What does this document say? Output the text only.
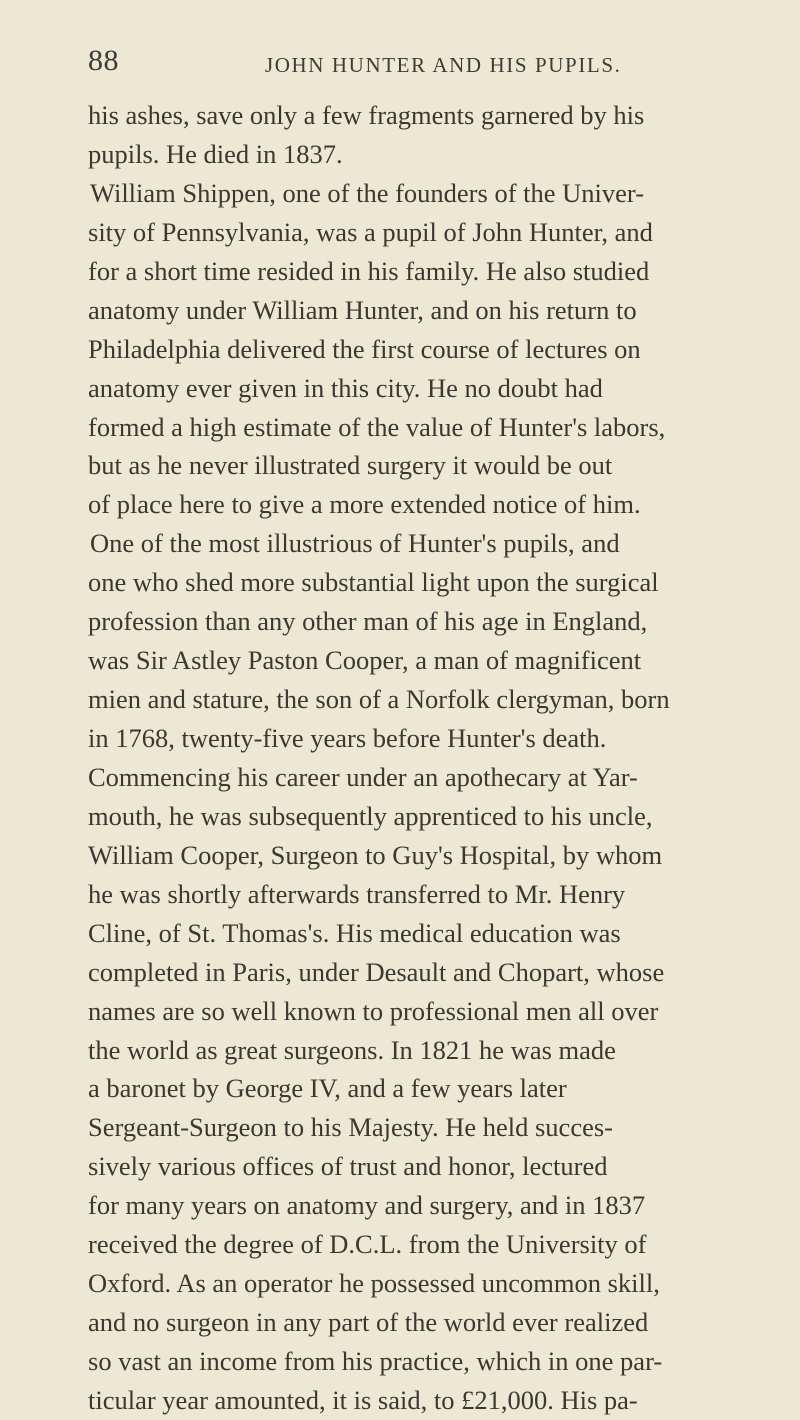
88	JOHN HUNTER AND HIS PUPILS.
his ashes, save only a few fragments garnered by his
pupils. He died in 1837.
William Shippen, one of the founders of the Univer-
sity of Pennsylvania, was a pupil of John Hunter, and
for a short time resided in his family. He also studied
anatomy under William Hunter, and on his return to
Philadelphia delivered the first course of lectures on
anatomy ever given in this city. He no doubt had
formed a high estimate of the value of Hunter's labors,
but as he never illustrated surgery it would be out
of place here to give a more extended notice of him.
One of the most illustrious of Hunter's pupils, and
one who shed more substantial light upon the surgical
profession than any other man of his age in England,
was Sir Astley Paston Cooper, a man of magnificent
mien and stature, the son of a Norfolk clergyman, born
in 1768, twenty-five years before Hunter's death.
Commencing his career under an apothecary at Yar-
mouth, he was subsequently apprenticed to his uncle,
William Cooper, Surgeon to Guy's Hospital, by whom
he was shortly afterwards transferred to Mr. Henry
Cline, of St. Thomas's. His medical education was
completed in Paris, under Desault and Chopart, whose
names are so well known to professional men all over
the world as great surgeons. In 1821 he was made
a baronet by George IV, and a few years later
Sergeant-Surgeon to his Majesty. He held succes-
sively various offices of trust and honor, lectured
for many years on anatomy and surgery, and in 1837
received the degree of D.C.L. from the University of
Oxford. As an operator he possessed uncommon skill,
and no surgeon in any part of the world ever realized
so vast an income from his practice, which in one par-
ticular year amounted, it is said, to £21,000. His pa-
